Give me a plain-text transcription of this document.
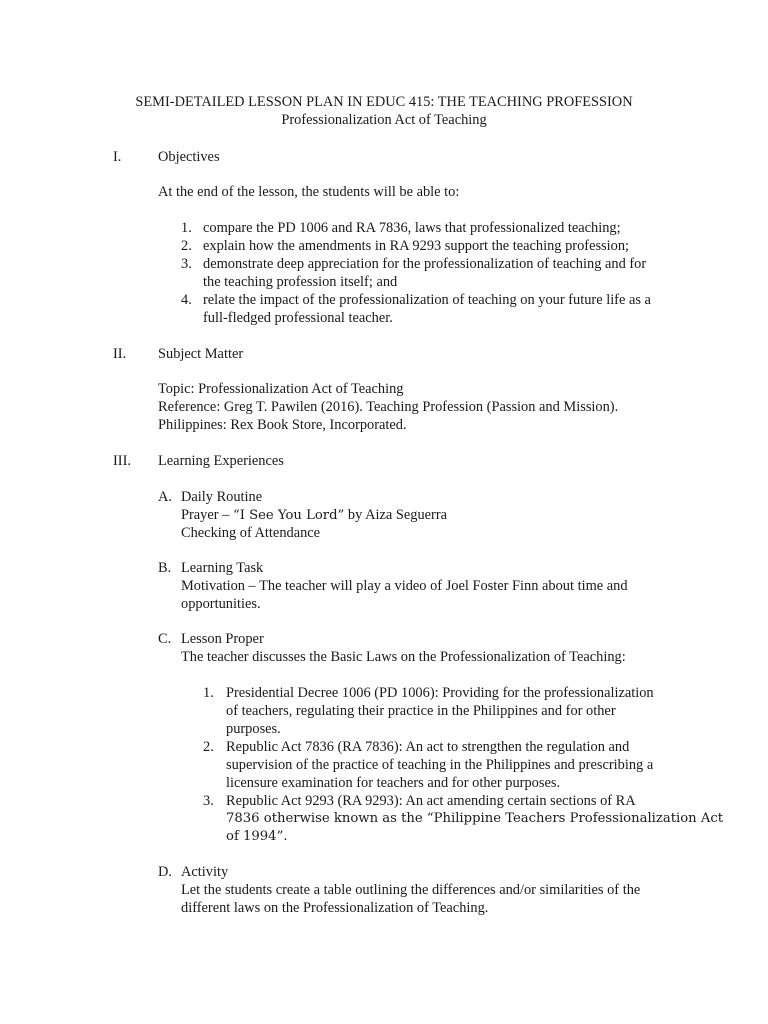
SEMI-DETAILED LESSON PLAN IN EDUC 415: THE TEACHING PROFESSION
Professionalization Act of Teaching
I.	Objectives
At the end of the lesson, the students will be able to:
1. compare the PD 1006 and RA 7836, laws that professionalized teaching;
2. explain how the amendments in RA 9293 support the teaching profession;
3. demonstrate deep appreciation for the professionalization of teaching and for
the teaching profession itself; and
4. relate the impact of the professionalization of teaching on your future life as a
full-fledged professional teacher.
II. Subject Matter
Topic: Professionalization Act of Teaching
Reference: Greg T. Pawilen (2016). Teaching Profession (Passion and Mission).
Philippines: Rex Book Store, Incorporated.
III. Learning Experiences
A. Daily Routine
Prayer – “I See You Lord” by Aiza Seguerra
Checking of Attendance
B. Learning Task
Motivation – The teacher will play a video of Joel Foster Finn about time and
opportunities.
C. Lesson Proper
The teacher discusses the Basic Laws on the Professionalization of Teaching:
1. Presidential Decree 1006 (PD 1006): Providing for the professionalization
of teachers, regulating their practice in the Philippines and for other
purposes.
2. Republic Act 7836 (RA 7836): An act to strengthen the regulation and
supervision of the practice of teaching in the Philippines and prescribing a
licensure examination for teachers and for other purposes.
3. Republic Act 9293 (RA 9293): An act amending certain sections of RA
7836 otherwise known as the “Philippine Teachers Professionalization Act
of 1994”.
D. Activity
Let the students create a table outlining the differences and/or similarities of the
different laws on the Professionalization of Teaching.
